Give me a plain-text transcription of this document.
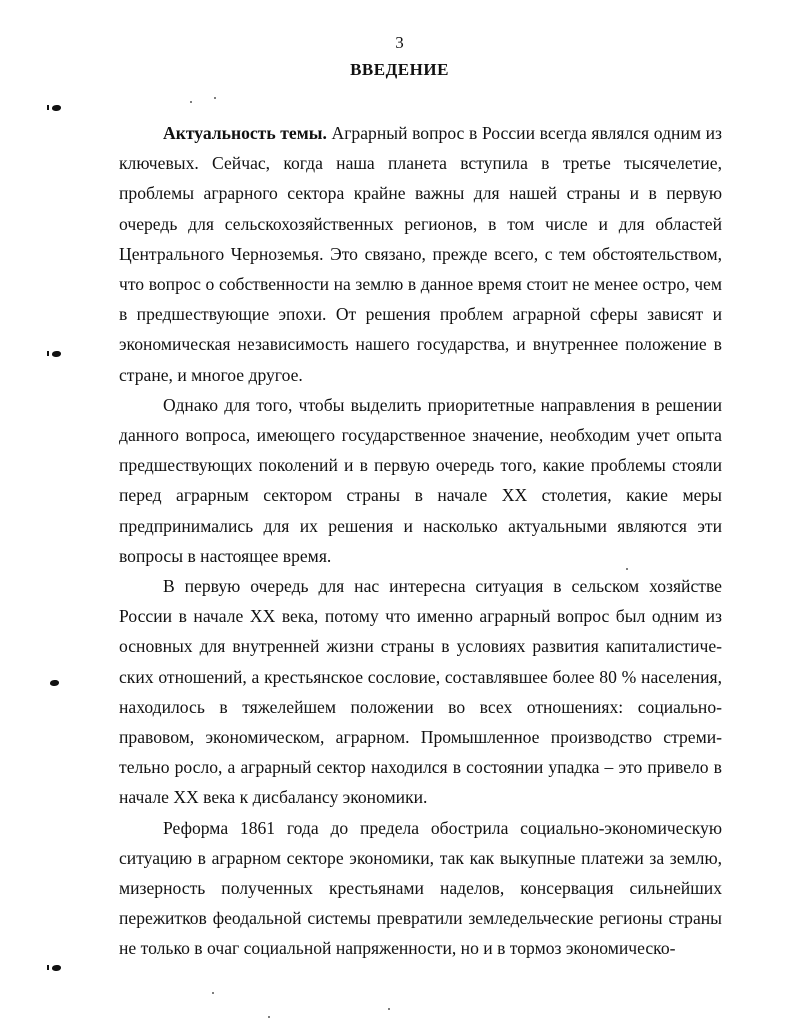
3
ВВЕДЕНИЕ

Актуальность темы. Аграрный вопрос в России всегда являлся одним из ключевых. Сейчас, когда наша планета вступила в третье тысячелетие, проблемы аграрного сектора крайне важны для нашей страны и в первую очередь для сельскохозяйственных регионов, в том числе и для областей Центрального Черноземья. Это связано, прежде всего, с тем обстоятельством, что вопрос о собственности на землю в данное время стоит не менее остро, чем в предшествующие эпохи. От решения проблем аграрной сферы зависят и экономическая независимость нашего государства, и внутреннее положение в стране, и многое другое.

Однако для того, чтобы выделить приоритетные направления в решении данного вопроса, имеющего государственное значение, необходим учет опыта предшествующих поколений и в первую очередь того, какие проблемы стояли перед аграрным сектором страны в начале XX столетия, какие меры предпринимались для их решения и насколько актуальными являются эти вопросы в настоящее время.

В первую очередь для нас интересна ситуация в сельском хозяйстве России в начале XX века, потому что именно аграрный вопрос был одним из основных для внутренней жизни страны в условиях развития капиталистических отношений, а крестьянское сословие, составлявшее более 80 % населения, находилось в тяжелейшем положении во всех отношениях: социально-правовом, экономическом, аграрном. Промышленное производство стремительно росло, а аграрный сектор находился в состоянии упадка – это привело в начале XX века к дисбалансу экономики.

Реформа 1861 года до предела обострила социально-экономическую ситуацию в аграрном секторе экономики, так как выкупные платежи за землю, мизерность полученных крестьянами наделов, консервация сильнейших пережитков феодальной системы превратили земледельческие регионы страны не только в очаг социальной напряженности, но и в тормоз экономическо-
